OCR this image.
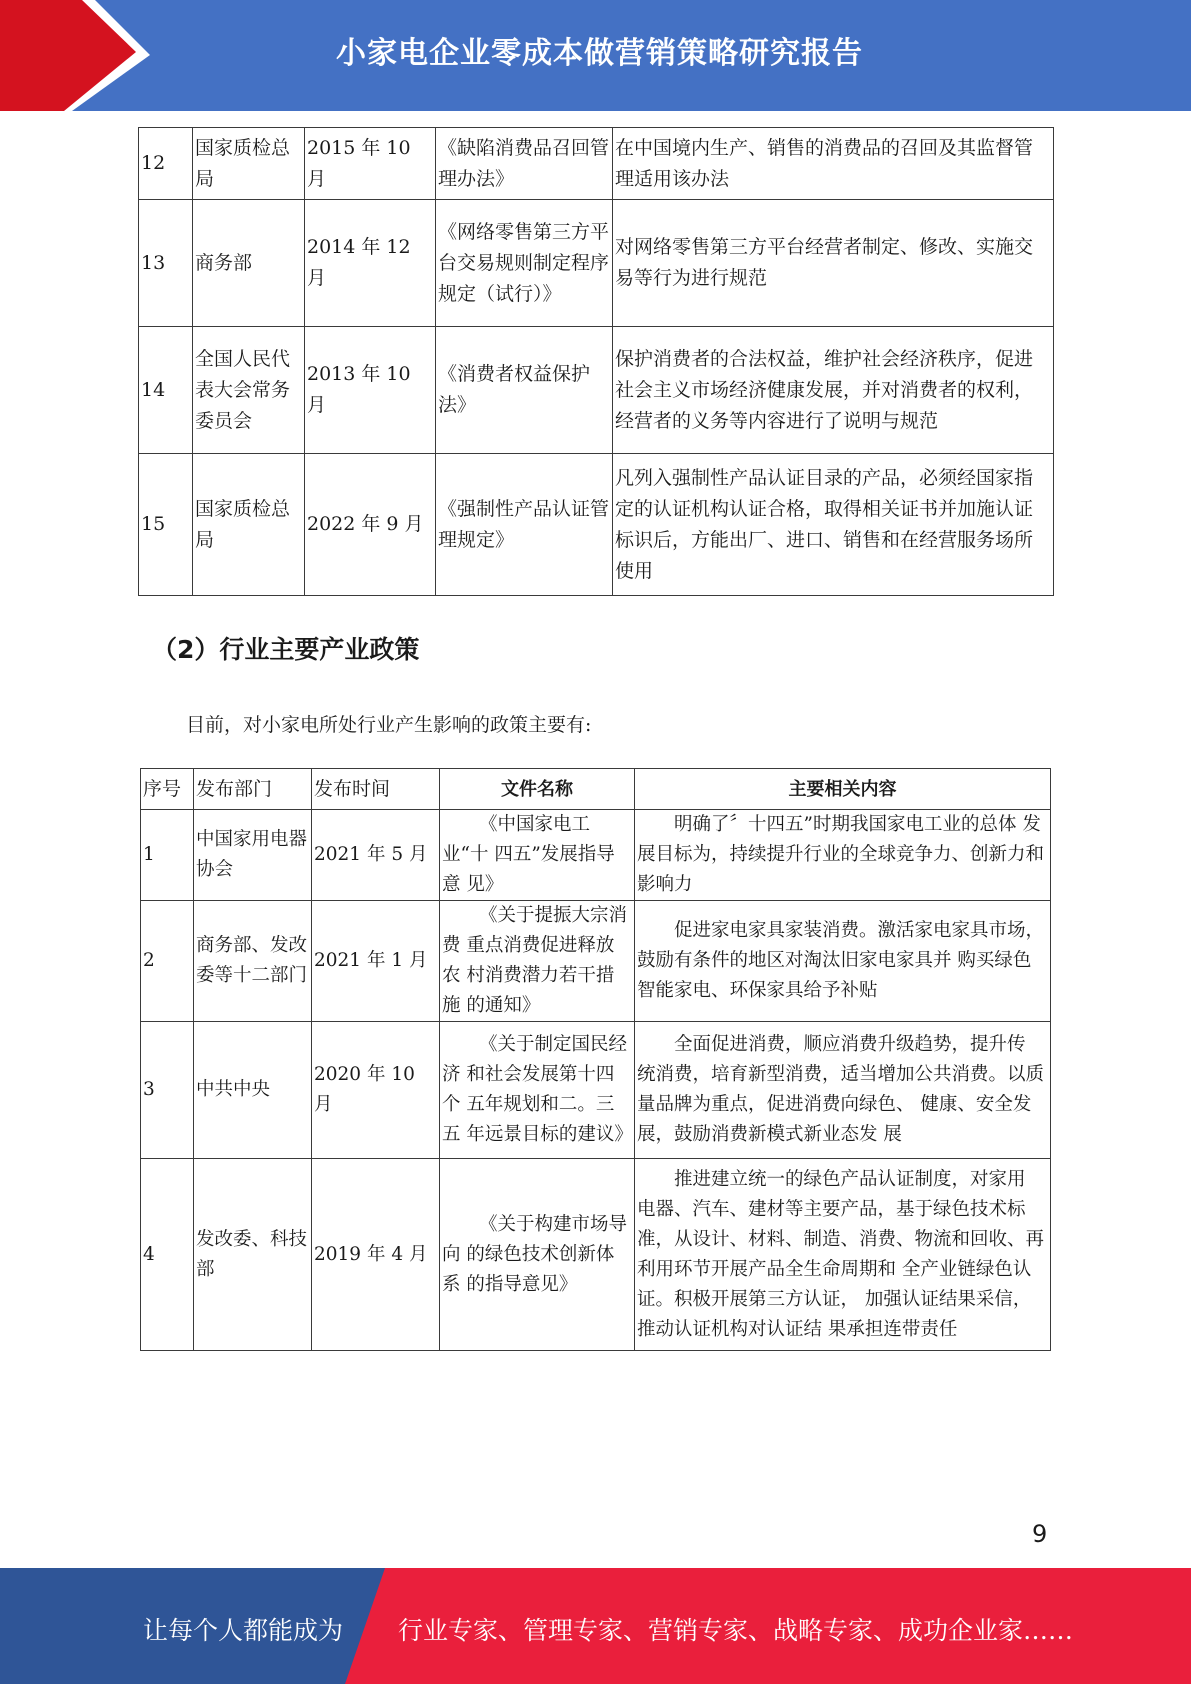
小家电企业零成本做营销策略研究报告
12	国家质检总局	2015 年 10 月	《缺陷消费品召回管理办法》	在中国境内生产、销售的消费品的召回及其监督管理适用该办法
13	商务部	2014 年 12 月	《网络零售第三方平台交易规则制定程序规定（试行）》	对网络零售第三方平台经营者制定、修改、实施交易等行为进行规范
14	全国人民代表大会常务委员会	2013 年 10 月	《消费者权益保护法》	保护消费者的合法权益，维护社会经济秩序，促进社会主义市场经济健康发展，并对消费者的权利，经营者的义务等内容进行了说明与规范
15	国家质检总局	2022 年 9 月	《强制性产品认证管理规定》	凡列入强制性产品认证目录的产品，必须经国家指定的认证机构认证合格，取得相关证书并加施认证标识后，方能出厂、进口、销售和在经营服务场所使用
（2）行业主要产业政策
目前，对小家电所处行业产生影响的政策主要有:
序号	发布部门	发布时间	文件名称	主要相关内容
1	中国家用电器协会	2021 年 5 月	《中国家电工业“十 四五”发展指导意 见》	明确了〞十四五”时期我国家电工业的总体 发展目标为，持续提升行业的全球竞争力、创新力和影响力
2	商务部、发改委等十二部门	2021 年 1 月	《关于提振大宗消费 重点消费促进释放农 村消费潜力若干措施 的通知》	促进家电家具家装消费。激活家电家具市场，鼓励有条件的地区对淘汰旧家电家具并 购买绿色智能家电、环保家具给予补贴
3	中共中央	2020 年 10 月	《关于制定国民经济 和社会发展第十四个 五年规划和二。三五 年远景目标的建议》	全面促进消费，顺应消费升级趋势，提升传 统消费，培育新型消费，适当增加公共消费。以质量品牌为重点，促进消费向绿色、 健康、安全发展，鼓励消费新模式新业态发 展
4	发改委、科技部	2019 年 4 月	《关于构建市场导向 的绿色技术创新体系 的指导意见》	推进建立统一的绿色产品认证制度，对家用 电器、汽车、建材等主要产品，基于绿色技术标准，从设计、材料、制造、消费、物流和回收、再利用环节开展产品全生命周期和 全产业链绿色认证。积极开展第三方认证， 加强认证结果采信，推动认证机构对认证结 果承担连带责任
9
让每个人都能成为 行业专家、管理专家、营销专家、战略专家、成功企业家……
